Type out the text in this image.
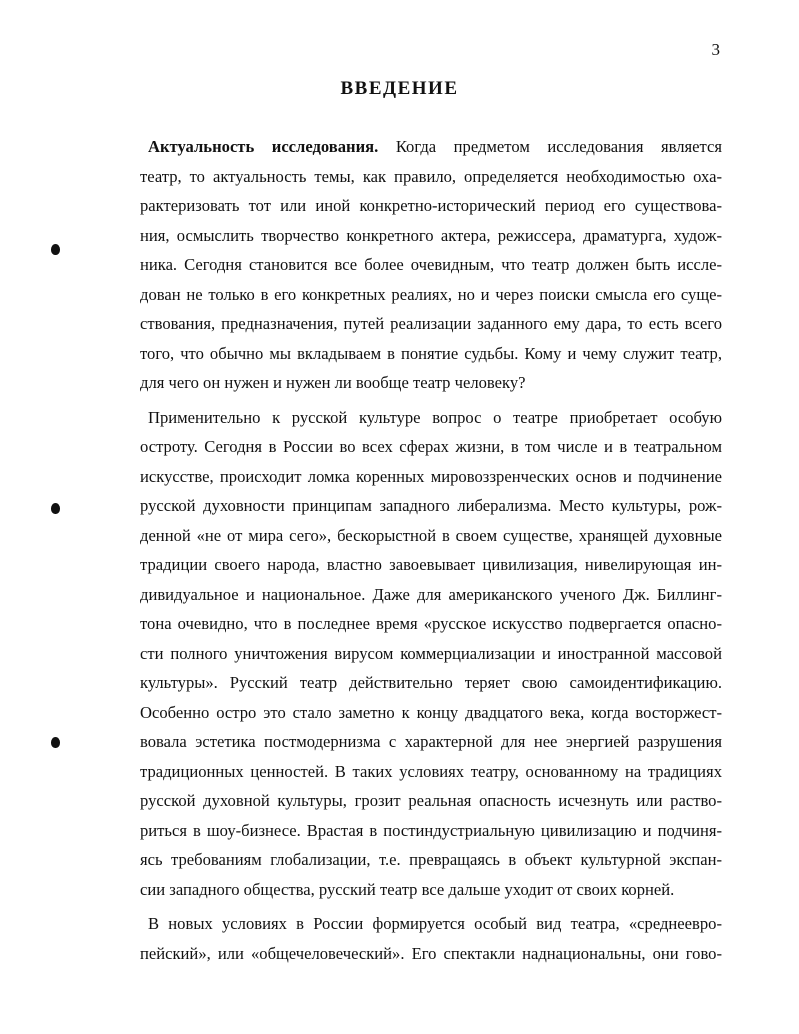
3
ВВЕДЕНИЕ
Актуальность исследования. Когда предметом исследования является
театр, то актуальность темы, как правило, определяется необходимостью оха-
рактеризовать тот или иной конкретно-исторический период его существова-
ния, осмыслить творчество конкретного актера, режиссера, драматурга, худож-
ника. Сегодня становится все более очевидным, что театр должен быть иссле-
дован не только в его конкретных реалиях, но и через поиски смысла его суще-
ствования, предназначения, путей реализации заданного ему дара, то есть всего
того, что обычно мы вкладываем в понятие судьбы. Кому и чему служит театр,
для чего он нужен и нужен ли вообще театр человеку?
Применительно к русской культуре вопрос о театре приобретает особую
остроту. Сегодня в России во всех сферах жизни, в том числе и в театральном
искусстве, происходит ломка коренных мировоззренческих основ и подчинение
русской духовности принципам западного либерализма. Место культуры, рож-
денной «не от мира сего», бескорыстной в своем существе, хранящей духовные
традиции своего народа, властно завоевывает цивилизация, нивелирующая ин-
дивидуальное и национальное. Даже для американского ученого Дж. Биллинг-
тона очевидно, что в последнее время «русское искусство подвергается опасно-
сти полного уничтожения вирусом коммерциализации и иностранной массовой
культуры». Русский театр действительно теряет свою самоидентификацию.
Особенно остро это стало заметно к концу двадцатого века, когда восторжест-
вовала эстетика постмодернизма с характерной для нее энергией разрушения
традиционных ценностей. В таких условиях театру, основанному на традициях
русской духовной культуры, грозит реальная опасность исчезнуть или раство-
риться в шоу-бизнесе. Врастая в постиндустриальную цивилизацию и подчиня-
ясь требованиям глобализации, т.е. превращаясь в объект культурной экспан-
сии западного общества, русский театр все дальше уходит от своих корней.
В новых условиях в России формируется особый вид театра, «среднеевро-
пейский», или «общечеловеческий». Его спектакли наднациональны, они гово-
